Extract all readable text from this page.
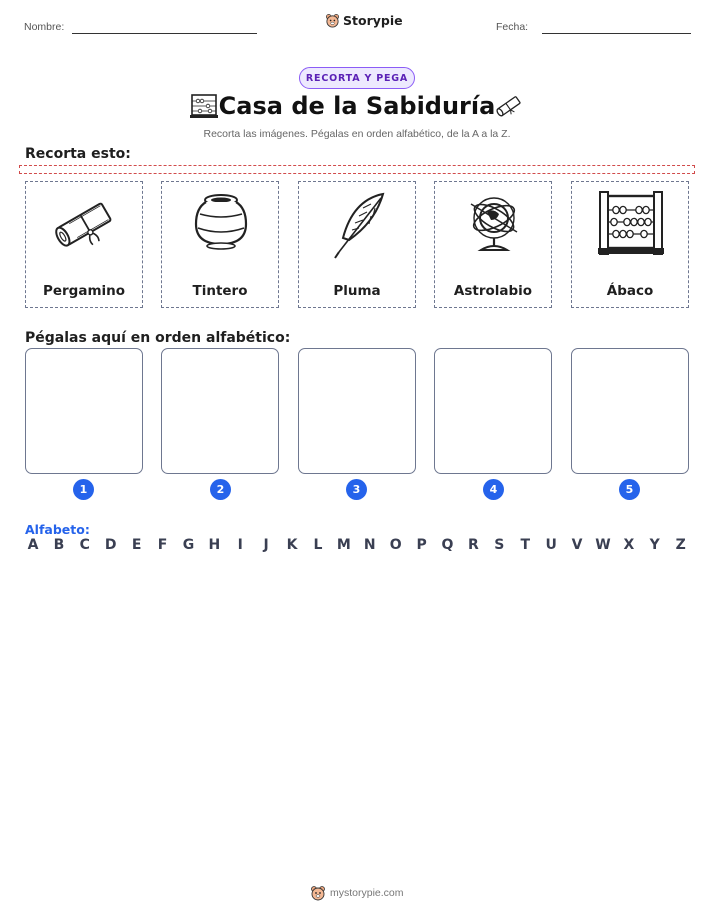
Nombre:	Storypie	Fecha:
RECORTA Y PEGA
Casa de la Sabiduría
Recorta las imágenes. Pégalas en orden alfabético, de la A a la Z.
Recorta esto:
Pergamino	Tintero	Pluma	Astrolabio	Ábaco
Pégalas aquí en orden alfabético:
1	2	3	4	5
Alfabeto:
A B C D E F G H	I	J	K L M N O P Q R S T U V W X Y Z
mystorypie.com
